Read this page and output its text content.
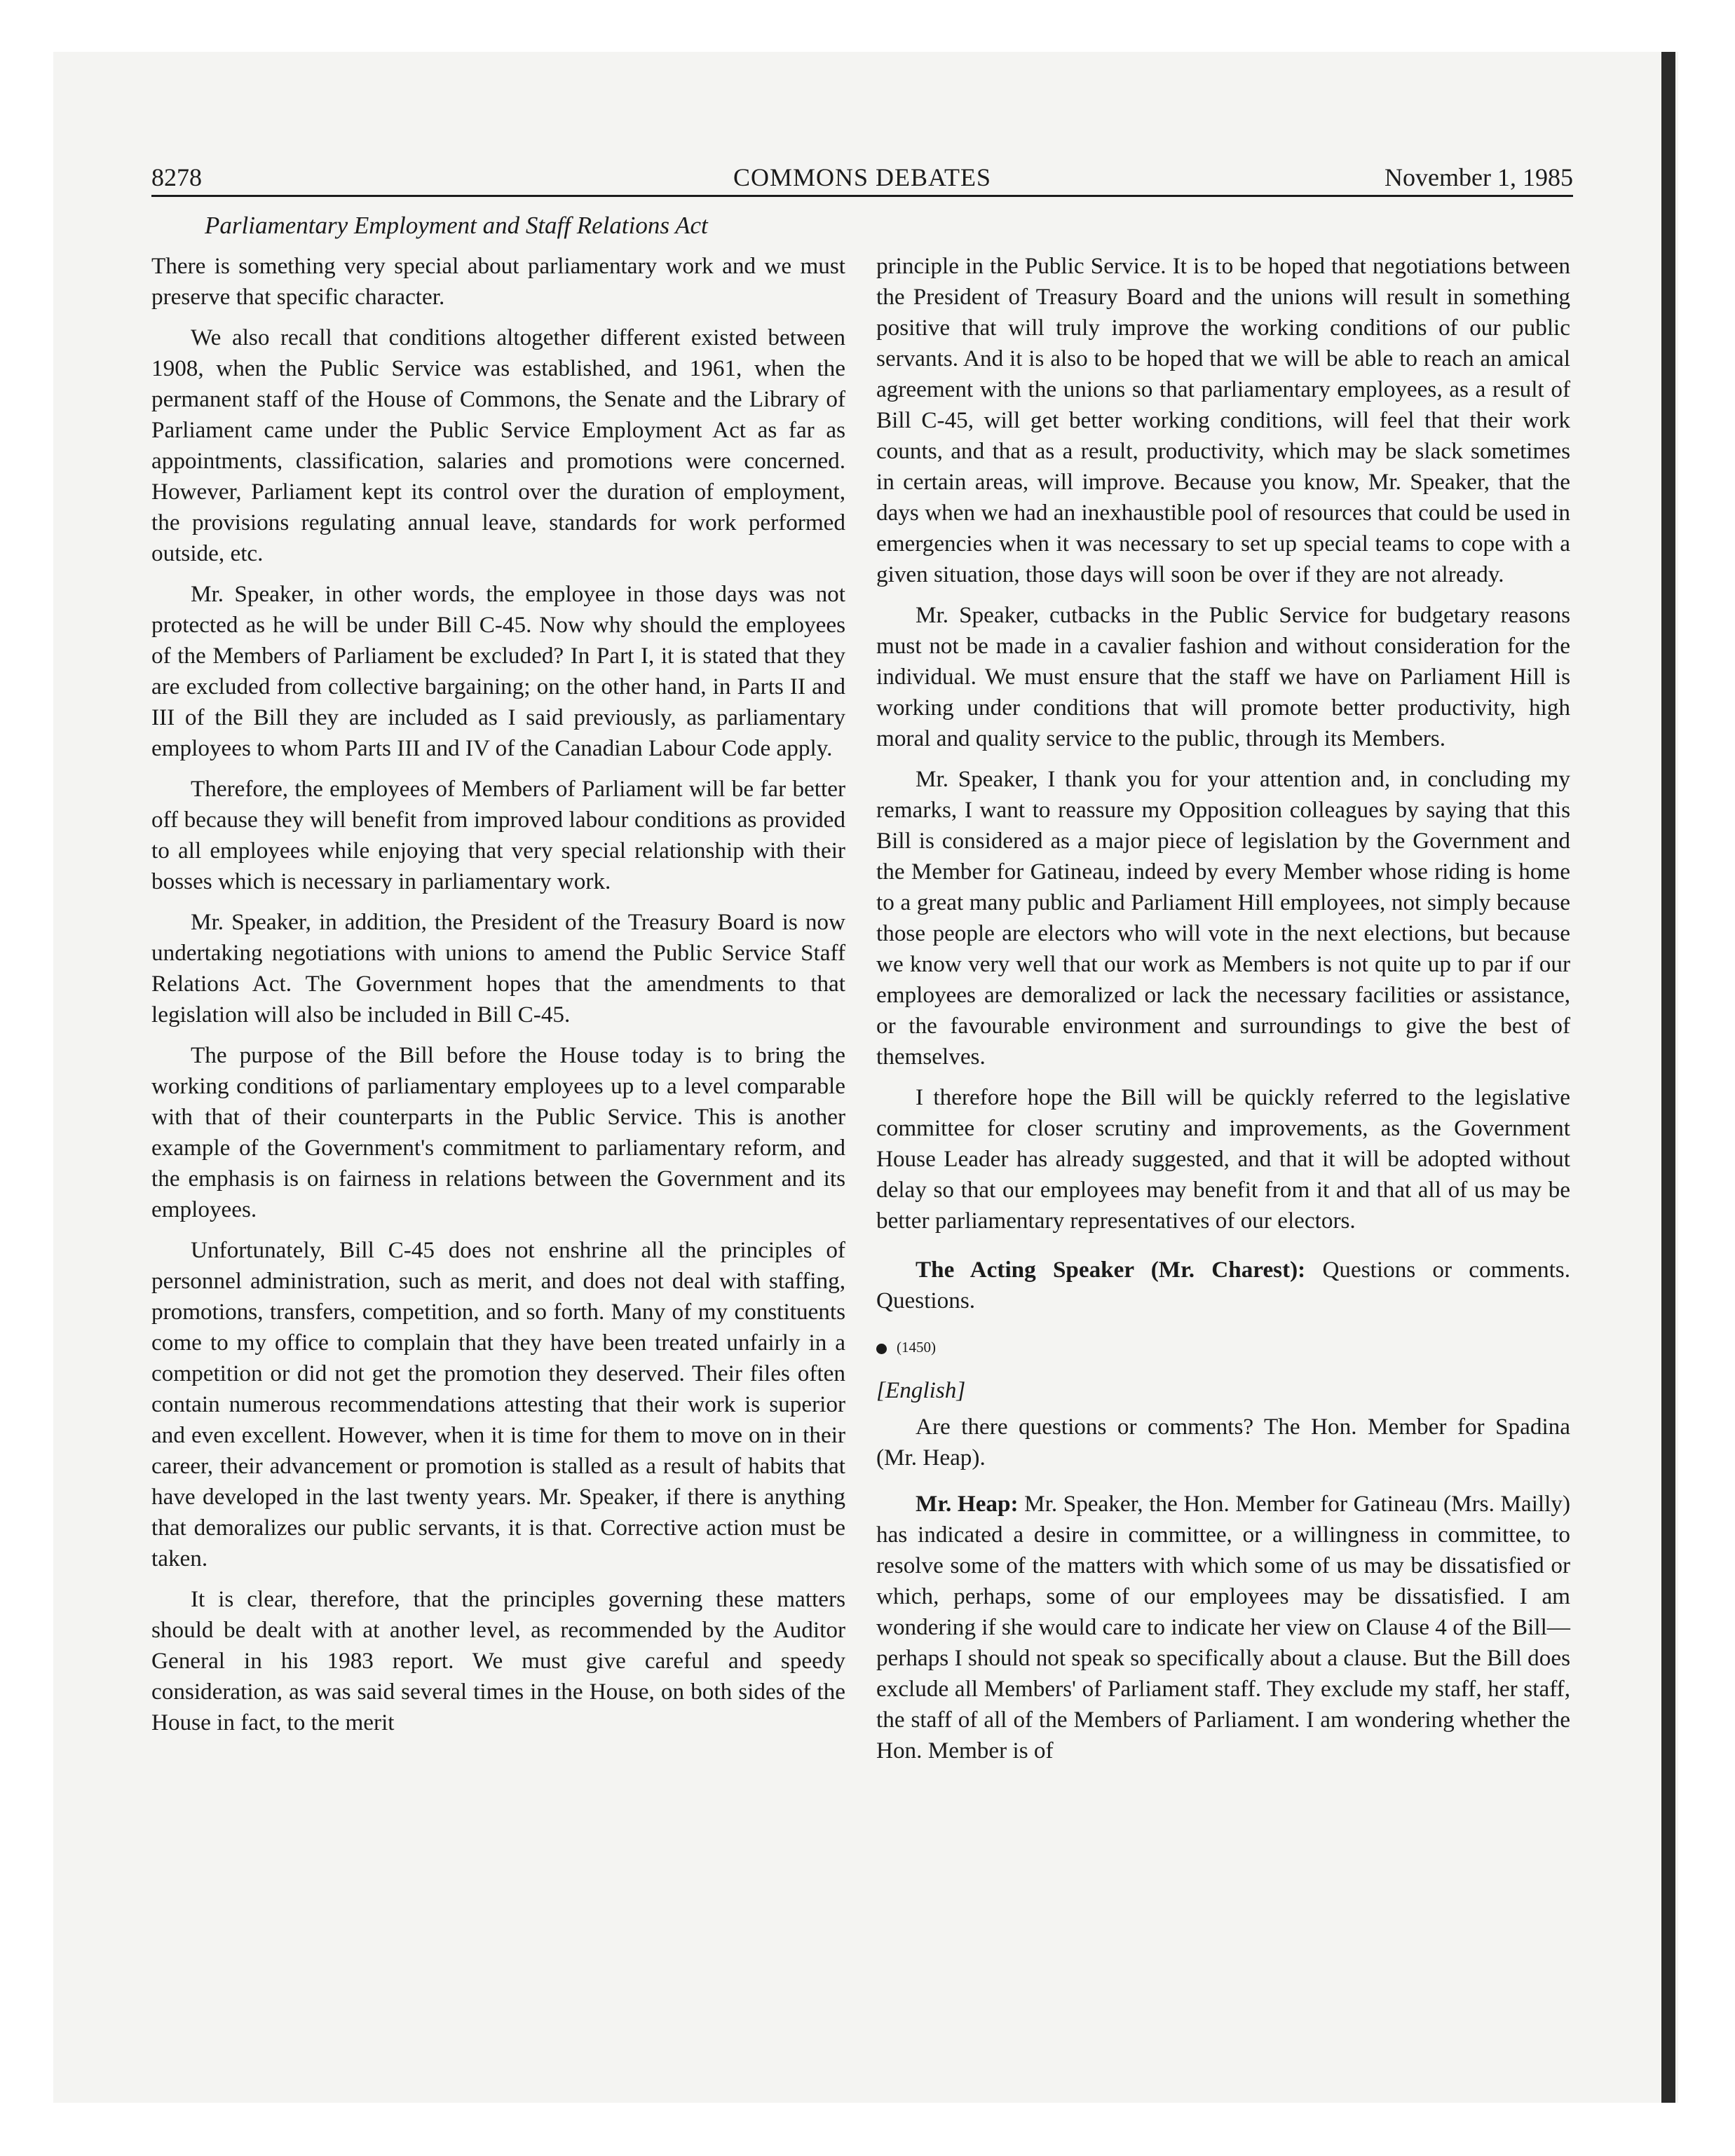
8278	COMMONS DEBATES	November 1, 1985
Parliamentary Employment and Staff Relations Act

There is something very special about parliamentary work and we must preserve that specific character.

We also recall that conditions altogether different existed between 1908, when the Public Service was established, and 1961, when the permanent staff of the House of Commons, the Senate and the Library of Parliament came under the Public Service Employment Act as far as appointments, classification, salaries and promotions were concerned. However, Parliament kept its control over the duration of employment, the provisions regulating annual leave, standards for work performed outside, etc.

Mr. Speaker, in other words, the employee in those days was not protected as he will be under Bill C-45. Now why should the employees of the Members of Parliament be excluded? In Part I, it is stated that they are excluded from collective bargaining; on the other hand, in Parts II and III of the Bill they are included as I said previously, as parliamentary employees to whom Parts III and IV of the Canadian Labour Code apply.

Therefore, the employees of Members of Parliament will be far better off because they will benefit from improved labour conditions as provided to all employees while enjoying that very special relationship with their bosses which is necessary in parliamentary work.

Mr. Speaker, in addition, the President of the Treasury Board is now undertaking negotiations with unions to amend the Public Service Staff Relations Act. The Government hopes that the amendments to that legislation will also be included in Bill C-45.

The purpose of the Bill before the House today is to bring the working conditions of parliamentary employees up to a level comparable with that of their counterparts in the Public Service. This is another example of the Government's commitment to parliamentary reform, and the emphasis is on fairness in relations between the Government and its employees.

Unfortunately, Bill C-45 does not enshrine all the principles of personnel administration, such as merit, and does not deal with staffing, promotions, transfers, competition, and so forth. Many of my constituents come to my office to complain that they have been treated unfairly in a competition or did not get the promotion they deserved. Their files often contain numerous recommendations attesting that their work is superior and even excellent. However, when it is time for them to move on in their career, their advancement or promotion is stalled as a result of habits that have developed in the last twenty years. Mr. Speaker, if there is anything that demoralizes our public servants, it is that. Corrective action must be taken.

It is clear, therefore, that the principles governing these matters should be dealt with at another level, as recommended by the Auditor General in his 1983 report. We must give careful and speedy consideration, as was said several times in the House, on both sides of the House in fact, to the merit

principle in the Public Service. It is to be hoped that negotiations between the President of Treasury Board and the unions will result in something positive that will truly improve the working conditions of our public servants. And it is also to be hoped that we will be able to reach an amical agreement with the unions so that parliamentary employees, as a result of Bill C-45, will get better working conditions, will feel that their work counts, and that as a result, productivity, which may be slack sometimes in certain areas, will improve. Because you know, Mr. Speaker, that the days when we had an inexhaustible pool of resources that could be used in emergencies when it was necessary to set up special teams to cope with a given situation, those days will soon be over if they are not already.

Mr. Speaker, cutbacks in the Public Service for budgetary reasons must not be made in a cavalier fashion and without consideration for the individual. We must ensure that the staff we have on Parliament Hill is working under conditions that will promote better productivity, high moral and quality service to the public, through its Members.

Mr. Speaker, I thank you for your attention and, in concluding my remarks, I want to reassure my Opposition colleagues by saying that this Bill is considered as a major piece of legislation by the Government and the Member for Gatineau, indeed by every Member whose riding is home to a great many public and Parliament Hill employees, not simply because those people are electors who will vote in the next elections, but because we know very well that our work as Members is not quite up to par if our employees are demoralized or lack the necessary facilities or assistance, or the favourable environment and surroundings to give the best of themselves.

I therefore hope the Bill will be quickly referred to the legislative committee for closer scrutiny and improvements, as the Government House Leader has already suggested, and that it will be adopted without delay so that our employees may benefit from it and that all of us may be better parliamentary representatives of our electors.

The Acting Speaker (Mr. Charest): Questions or comments. Questions.

(1450)
[English]

Are there questions or comments? The Hon. Member for Spadina (Mr. Heap).

Mr. Heap: Mr. Speaker, the Hon. Member for Gatineau (Mrs. Mailly) has indicated a desire in committee, or a willingness in committee, to resolve some of the matters with which some of us may be dissatisfied or which, perhaps, some of our employees may be dissatisfied. I am wondering if she would care to indicate her view on Clause 4 of the Bill—perhaps I should not speak so specifically about a clause. But the Bill does exclude all Members' of Parliament staff. They exclude my staff, her staff, the staff of all of the Members of Parliament. I am wondering whether the Hon. Member is of
